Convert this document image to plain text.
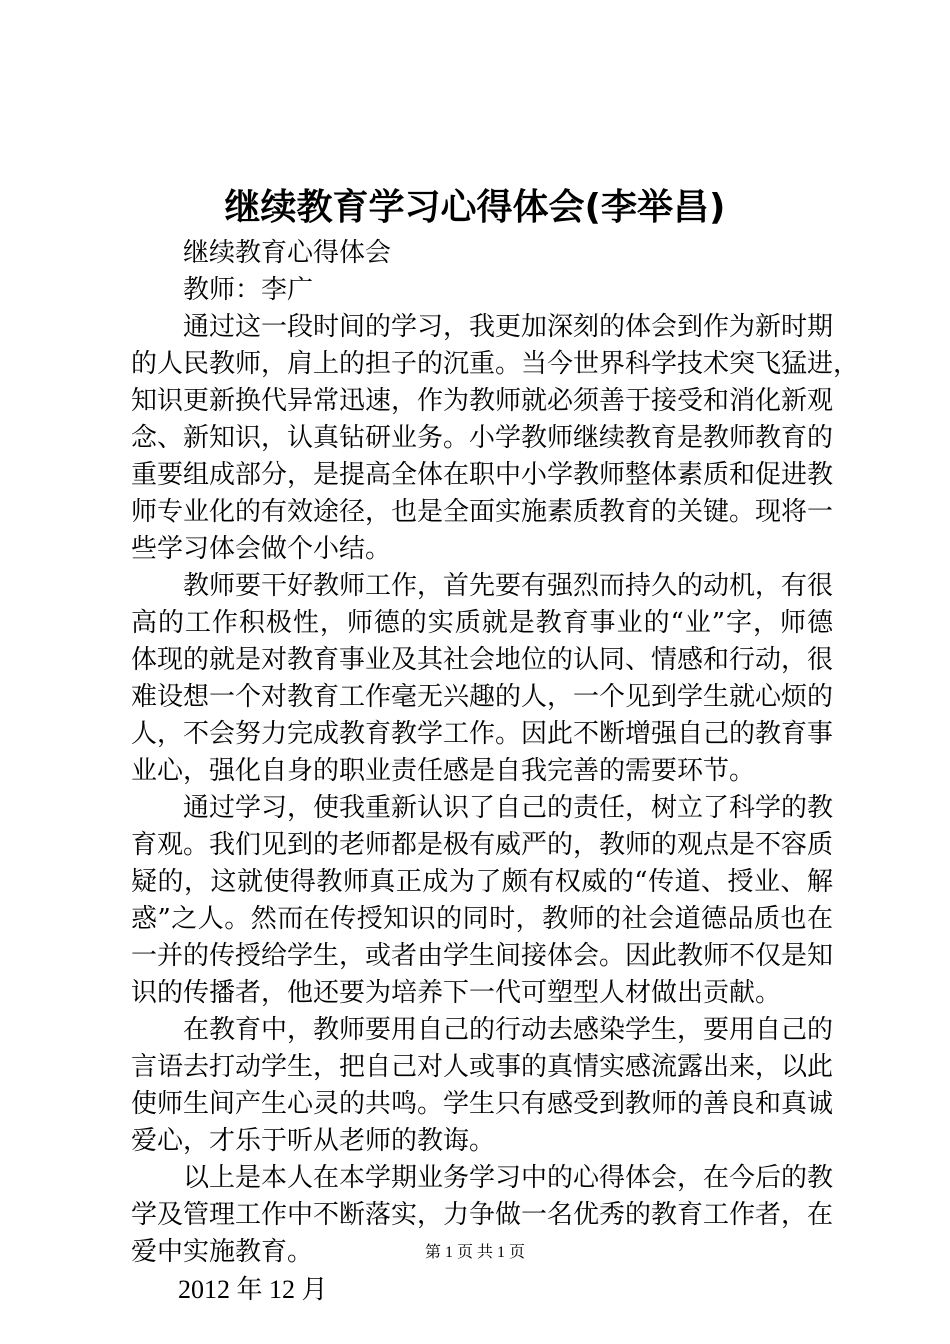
继续教育学习心得体会(李举昌)
继续教育心得体会
教师：李广
通过这一段时间的学习，我更加深刻的体会到作为新时期
的人民教师，肩上的担子的沉重。当今世界科学技术突飞猛进，
知识更新换代异常迅速，作为教师就必须善于接受和消化新观
念、新知识，认真钻研业务。小学教师继续教育是教师教育的
重要组成部分，是提高全体在职中小学教师整体素质和促进教
师专业化的有效途径，也是全面实施素质教育的关键。现将一
些学习体会做个小结。
教师要干好教师工作，首先要有强烈而持久的动机，有很
高的工作积极性，师德的实质就是教育事业的“业”字，师德
体现的就是对教育事业及其社会地位的认同、情感和行动，很
难设想一个对教育工作毫无兴趣的人，一个见到学生就心烦的
人，不会努力完成教育教学工作。因此不断增强自己的教育事
业心，强化自身的职业责任感是自我完善的需要环节。
通过学习，使我重新认识了自己的责任，树立了科学的教
育观。我们见到的老师都是极有威严的，教师的观点是不容质
疑的，这就使得教师真正成为了颇有权威的“传道、授业、解
惑”之人。然而在传授知识的同时，教师的社会道德品质也在
一并的传授给学生，或者由学生间接体会。因此教师不仅是知
识的传播者，他还要为培养下一代可塑型人材做出贡献。
在教育中，教师要用自己的行动去感染学生，要用自己的
言语去打动学生，把自己对人或事的真情实感流露出来，以此
使师生间产生心灵的共鸣。学生只有感受到教师的善良和真诚
爱心，才乐于听从老师的教诲。
以上是本人在本学期业务学习中的心得体会，在今后的教
学及管理工作中不断落实，力争做一名优秀的教育工作者，在
爱中实施教育。
2012 年 12 月
第 1 页 共 1 页
